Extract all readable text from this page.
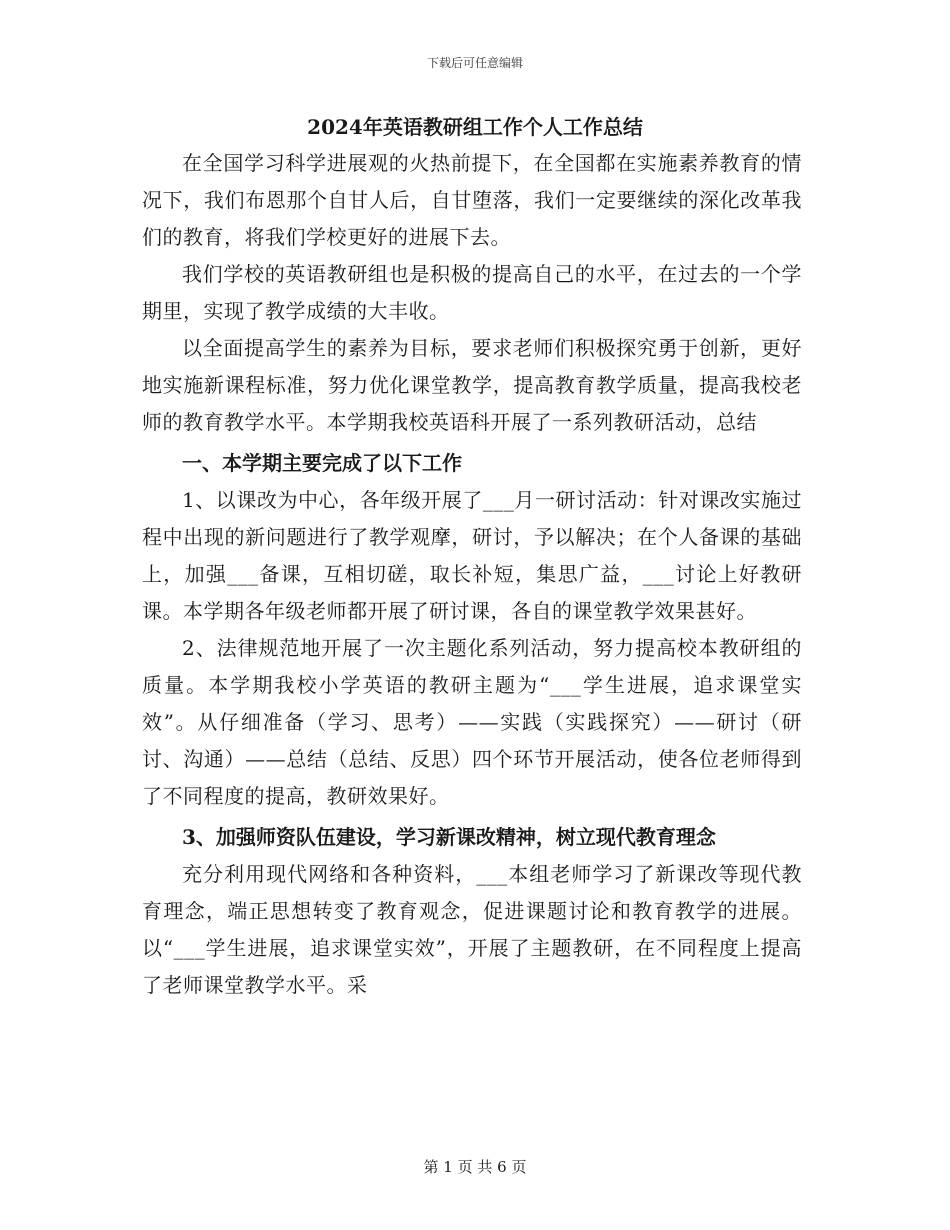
下载后可任意编辑
2024年英语教研组工作个人工作总结

在全国学习科学进展观的火热前提下，在全国都在实施素养教育的情况下，我们布恩那个自甘人后，自甘堕落，我们一定要继续的深化改革我们的教育，将我们学校更好的进展下去。

我们学校的英语教研组也是积极的提高自己的水平，在过去的一个学期里，实现了教学成绩的大丰收。

以全面提高学生的素养为目标，要求老师们积极探究勇于创新，更好地实施新课程标准，努力优化课堂教学，提高教育教学质量，提高我校老师的教育教学水平。本学期我校英语科开展了一系列教研活动，总结

一、本学期主要完成了以下工作

1、以课改为中心，各年级开展了___月一研讨活动：针对课改实施过程中出现的新问题进行了教学观摩，研讨，予以解决；在个人备课的基础上，加强___备课，互相切磋，取长补短，集思广益，___讨论上好教研课。本学期各年级老师都开展了研讨课，各自的课堂教学效果甚好。

2、法律规范地开展了一次主题化系列活动，努力提高校本教研组的质量。本学期我校小学英语的教研主题为“___学生进展，追求课堂实效”。从仔细准备（学习、思考）——实践（实践探究）——研讨（研讨、沟通）——总结（总结、反思）四个环节开展活动，使各位老师得到了不同程度的提高，教研效果好。

3、加强师资队伍建设，学习新课改精神，树立现代教育理念

充分利用现代网络和各种资料，___本组老师学习了新课改等现代教育理念，端正思想转变了教育观念，促进课题讨论和教育教学的进展。以“___学生进展，追求课堂实效”，开展了主题教研，在不同程度上提高了老师课堂教学水平。采

第 1 页 共 6 页
